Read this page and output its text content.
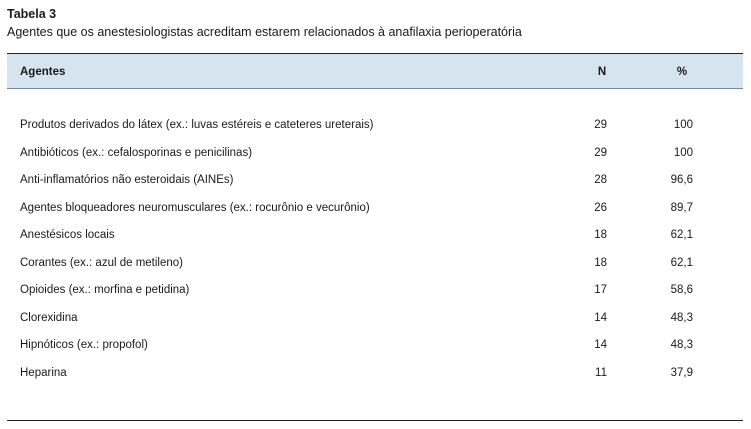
Tabela 3
Agentes que os anestesiologistas acreditam estarem relacionados à anafilaxia perioperatória
Agentes	N	%
Produtos derivados do látex (ex.: luvas estéreis e cateteres ureterais)	29	100
Antibióticos (ex.: cefalosporinas e penicilinas)	29	100
Anti-inflamatórios não esteroidais (AINEs)	28	96,6
Agentes bloqueadores neuromusculares (ex.: rocurônio e vecurônio)	26	89,7
Anestésicos locais	18	62,1
Corantes (ex.: azul de metileno)	18	62,1
Opioides (ex.: morfina e petidina)	17	58,6
Clorexidina	14	48,3
Hipnóticos (ex.: propofol)	14	48,3
Heparina	11	37,9
